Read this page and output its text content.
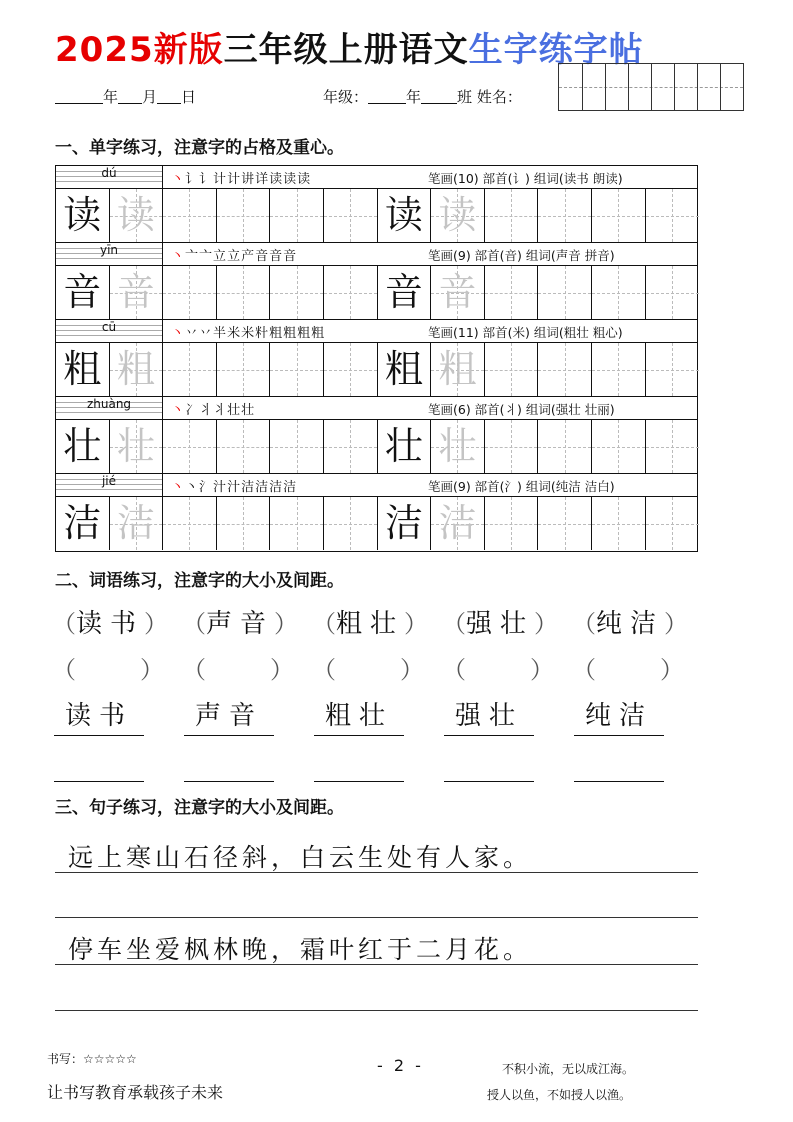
2025新版三年级上册语文生字练字帖
年 月 日	年级：	年 班 姓名：
一、单字练习，注意字的占格及重心。
dú	丶讠讠计计讲详读读读	笔画(10) 部首(讠) 组词(读书 朗读)
读 读	读 读
yīn	丶亠亠立立产音音音	笔画(9) 部首(音) 组词(声音 拼音)
音 音	音 音
cū	丶丷丷半米米籵粗粗粗粗	笔画(11) 部首(米) 组词(粗壮 粗心)
粗 粗	粗 粗
zhuàng	丶冫丬丬壮壮	笔画(6) 部首(丬) 组词(强壮 壮丽)
壮 壮	壮 壮
jié	丶丶氵汁汁洁洁洁洁	笔画(9) 部首(氵) 组词(纯洁 洁白)
洁 洁	洁 洁
二、词语练习，注意字的大小及间距。
（读书）
（	）
读书
（声音）
（	）
声音
（粗壮）
（	）
粗壮
（强壮）
（	）
强壮
（纯洁）
（	）
纯洁
三、句子练习，注意字的大小及间距。
远上寒山石径斜，白云生处有人家。
停车坐爱枫林晚，霜叶红于二月花。
书写：☆☆☆☆☆
让书写教育承载孩子未来
- 2 -	不积小流，无以成江海。
授人以鱼，不如授人以渔。
